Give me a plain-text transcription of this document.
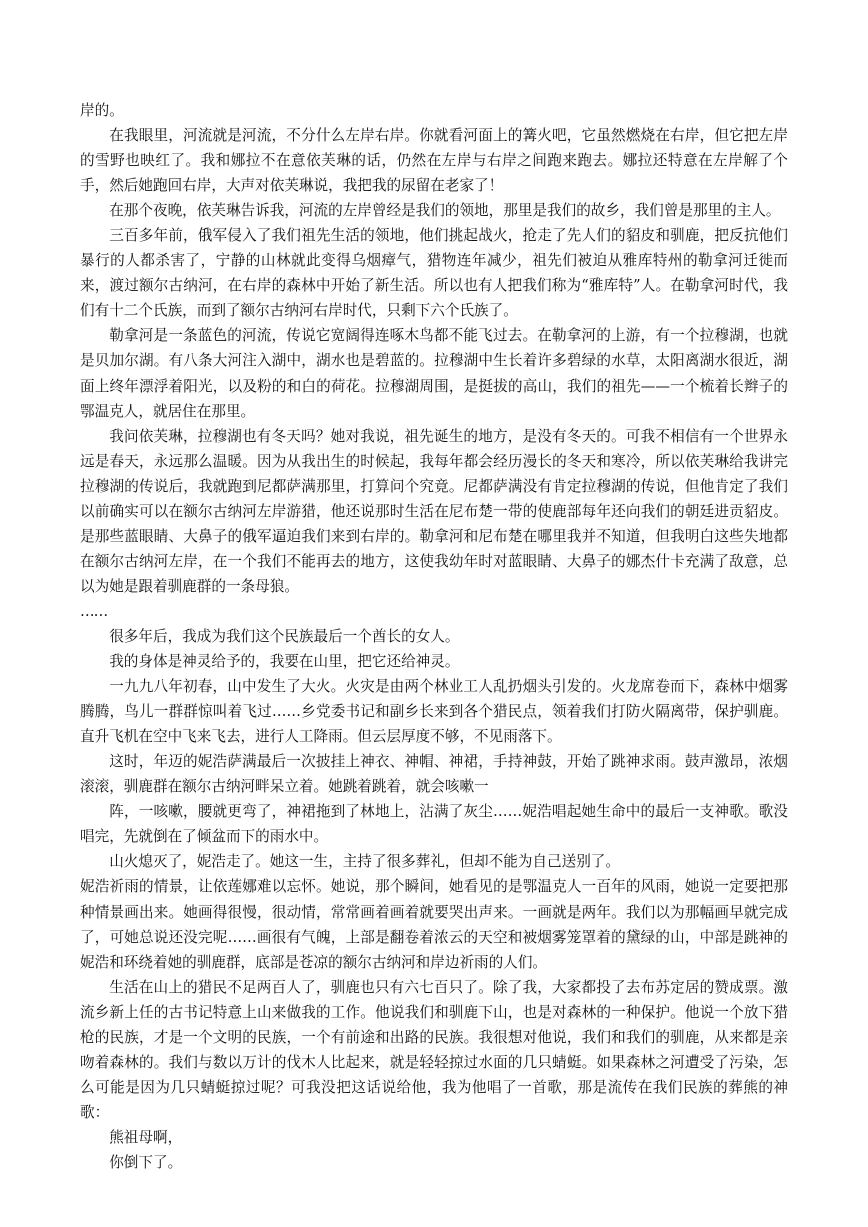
岸的。

在我眼里，河流就是河流，不分什么左岸右岸。你就看河面上的篝火吧，它虽然燃烧在右岸，但它把左岸的雪野也映红了。我和娜拉不在意依芙琳的话，仍然在左岸与右岸之间跑来跑去。娜拉还特意在左岸解了个手，然后她跑回右岸，大声对依芙琳说，我把我的尿留在老家了！

在那个夜晚，依芙琳告诉我，河流的左岸曾经是我们的领地，那里是我们的故乡，我们曾是那里的主人。

三百多年前，俄军侵入了我们祖先生活的领地，他们挑起战火，抢走了先人们的貂皮和驯鹿，把反抗他们暴行的人都杀害了，宁静的山林就此变得乌烟瘴气，猎物连年减少，祖先们被迫从雅库特州的勒拿河迁徙而来，渡过额尔古纳河，在右岸的森林中开始了新生活。所以也有人把我们称为“雅库特”人。在勒拿河时代，我们有十二个氏族，而到了额尔古纳河右岸时代，只剩下六个氏族了。

勒拿河是一条蓝色的河流，传说它宽阔得连啄木鸟都不能飞过去。在勒拿河的上游，有一个拉穆湖，也就是贝加尔湖。有八条大河注入湖中，湖水也是碧蓝的。拉穆湖中生长着许多碧绿的水草，太阳离湖水很近，湖面上终年漂浮着阳光，以及粉的和白的荷花。拉穆湖周围，是挺拔的高山，我们的祖先——一个梳着长辫子的鄂温克人，就居住在那里。

我问依芙琳，拉穆湖也有冬天吗？她对我说，祖先诞生的地方，是没有冬天的。可我不相信有一个世界永远是春天，永远那么温暖。因为从我出生的时候起，我每年都会经历漫长的冬天和寒冷，所以依芙琳给我讲完拉穆湖的传说后，我就跑到尼都萨满那里，打算问个究竟。尼都萨满没有肯定拉穆湖的传说，但他肯定了我们以前确实可以在额尔古纳河左岸游猎，他还说那时生活在尼布楚一带的使鹿部每年还向我们的朝廷进贡貂皮。是那些蓝眼睛、大鼻子的俄军逼迫我们来到右岸的。勒拿河和尼布楚在哪里我并不知道，但我明白这些失地都在额尔古纳河左岸，在一个我们不能再去的地方，这使我幼年时对蓝眼睛、大鼻子的娜杰什卡充满了敌意，总以为她是跟着驯鹿群的一条母狼。

……

很多年后，我成为我们这个民族最后一个酋长的女人。

我的身体是神灵给予的，我要在山里，把它还给神灵。

一九九八年初春，山中发生了大火。火灾是由两个林业工人乱扔烟头引发的。火龙席卷而下，森林中烟雾腾腾，鸟儿一群群惊叫着飞过……乡党委书记和副乡长来到各个猎民点，领着我们打防火隔离带，保护驯鹿。直升飞机在空中飞来飞去，进行人工降雨。但云层厚度不够，不见雨落下。

这时，年迈的妮浩萨满最后一次披挂上神衣、神帽、神裙，手持神鼓，开始了跳神求雨。鼓声激昂，浓烟滚滚，驯鹿群在额尔古纳河畔呆立着。她跳着跳着，就会咳嗽一

阵，一咳嗽，腰就更弯了，神裙拖到了林地上，沾满了灰尘……妮浩唱起她生命中的最后一支神歌。歌没唱完，先就倒在了倾盆而下的雨水中。

山火熄灭了，妮浩走了。她这一生，主持了很多葬礼，但却不能为自己送别了。

妮浩祈雨的情景，让依莲娜难以忘怀。她说，那个瞬间，她看见的是鄂温克人一百年的风雨，她说一定要把那种情景画出来。她画得很慢，很动情，常常画着画着就要哭出声来。一画就是两年。我们以为那幅画早就完成了，可她总说还没完呢……画很有气魄，上部是翻卷着浓云的天空和被烟雾笼罩着的黛绿的山，中部是跳神的妮浩和环绕着她的驯鹿群，底部是苍凉的额尔古纳河和岸边祈雨的人们。

生活在山上的猎民不足两百人了，驯鹿也只有六七百只了。除了我，大家都投了去布苏定居的赞成票。激流乡新上任的古书记特意上山来做我的工作。他说我们和驯鹿下山，也是对森林的一种保护。他说一个放下猎枪的民族，才是一个文明的民族，一个有前途和出路的民族。我很想对他说，我们和我们的驯鹿，从来都是亲吻着森林的。我们与数以万计的伐木人比起来，就是轻轻掠过水面的几只蜻蜓。如果森林之河遭受了污染，怎么可能是因为几只蜻蜓掠过呢？可我没把这话说给他，我为他唱了一首歌，那是流传在我们民族的葬熊的神歌：

熊祖母啊，

你倒下了。
